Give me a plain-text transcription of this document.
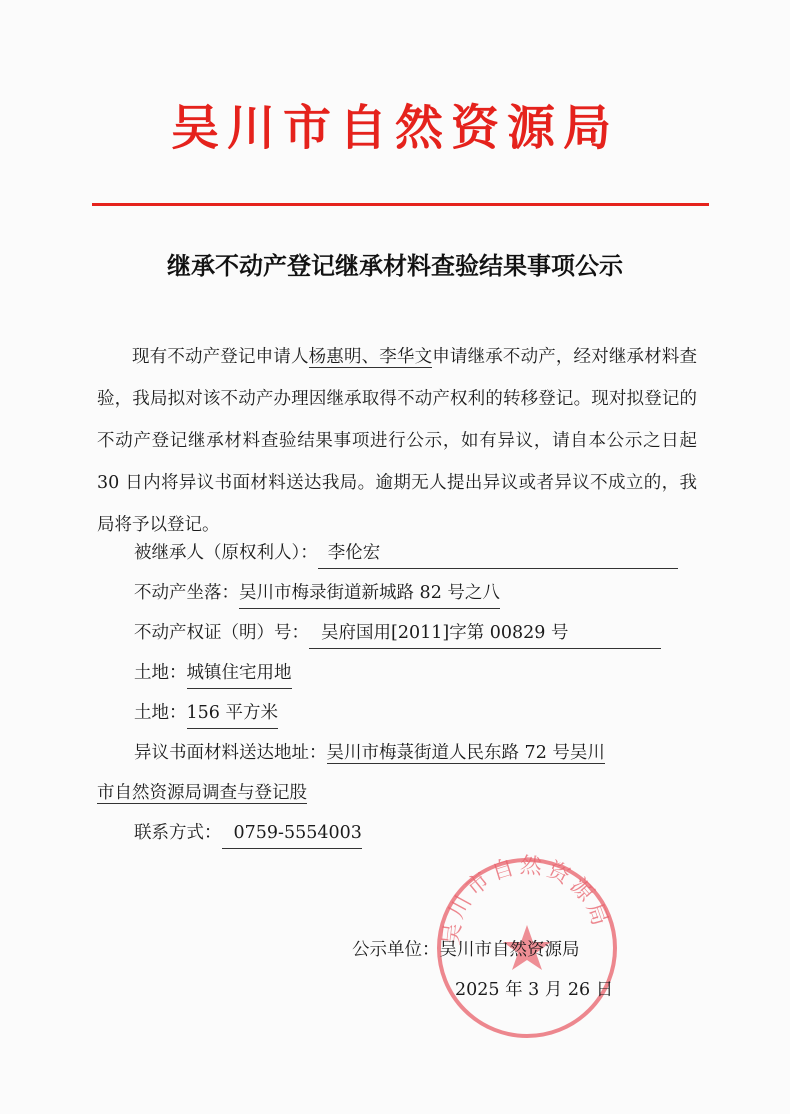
吴川市自然资源局
继承不动产登记继承材料查验结果事项公示

现有不动产登记申请人杨惠明、李华文申请继承不动产，经对继承材料查验，我局拟对该不动产办理因继承取得不动产权利的转移登记。现对拟登记的不动产登记继承材料查验结果事项进行公示，如有异议，请自本公示之日起 30 日内将异议书面材料送达我局。逾期无人提出异议或者异议不成立的，我局将予以登记。

被继承人（原权利人）： 李伦宏
不动产坐落：吴川市梅录街道新城路 82 号之八
不动产权证（明）号： 吴府国用[2011]字第 00829 号
土地：城镇住宅用地
土地：156 平方米
异议书面材料送达地址：吴川市梅菉街道人民东路 72 号吴川
市自然资源局调查与登记股
联系方式： 0759-5554003
吴川市自然资源局
公示单位：吴川市自然资源局
2025 年 3 月 26 日
